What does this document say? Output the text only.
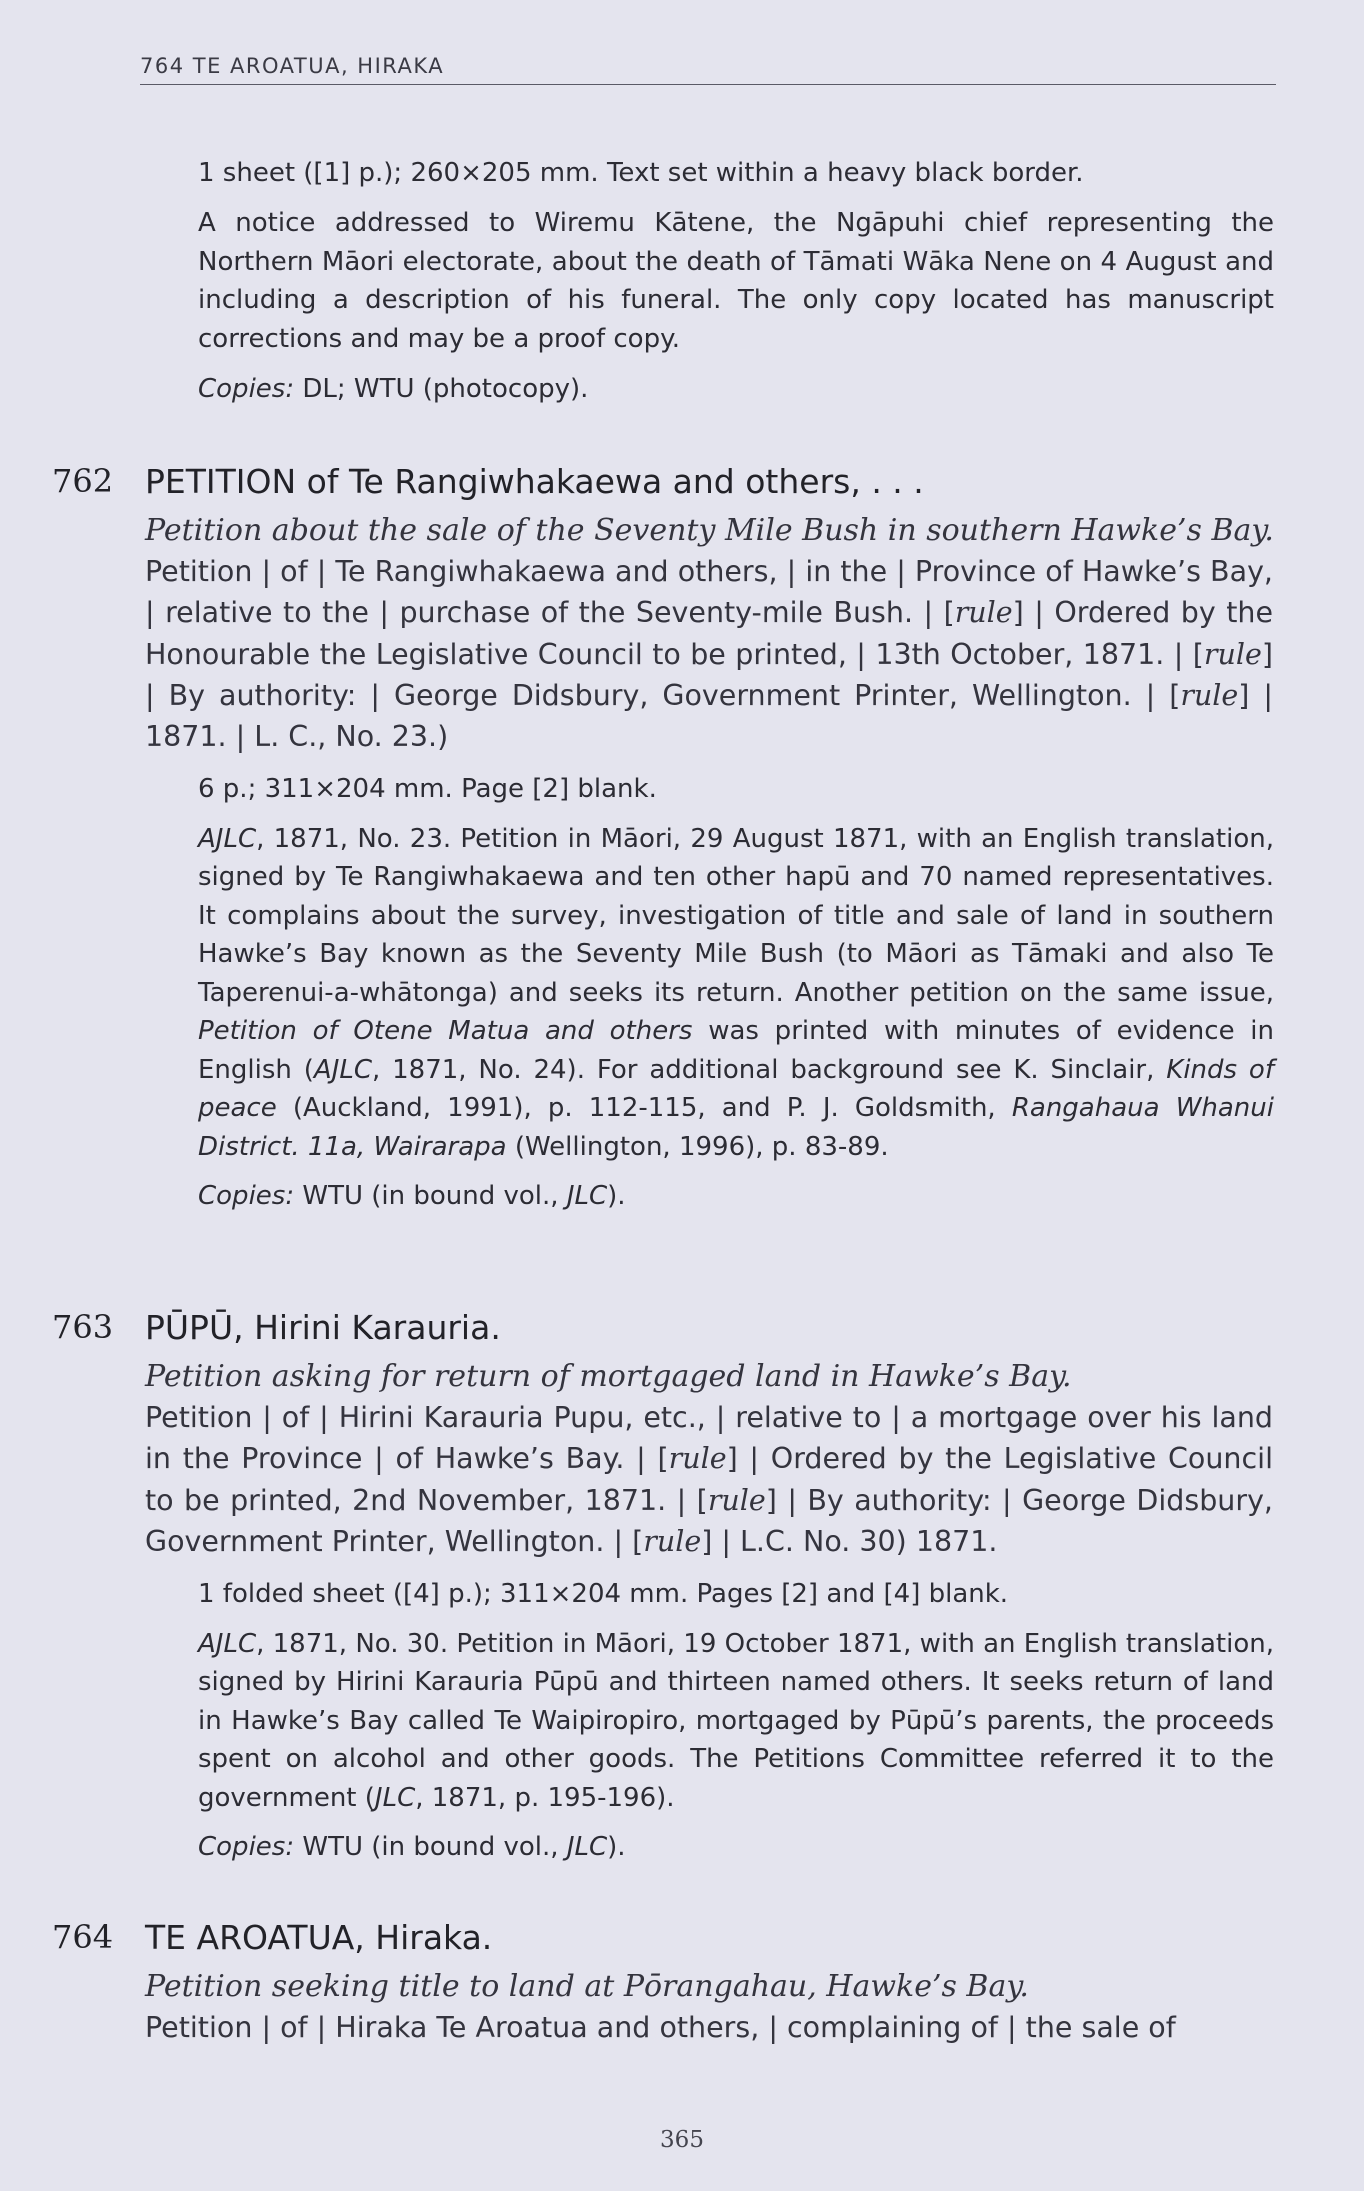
764 TE AROATUA, HIRAKA

1 sheet ([1] p.); 260×205 mm. Text set within a heavy black border.

A notice addressed to Wiremu Kātene, the Ngāpuhi chief representing the Northern Māori electorate, about the death of Tāmati Wāka Nene on 4 August and including a description of his funeral. The only copy located has manuscript corrections and may be a proof copy.

Copies: DL; WTU (photocopy).

762 PETITION of Te Rangiwhakaewa and others, . . .
Petition about the sale of the Seventy Mile Bush in southern Hawke’s Bay.

Petition | of | Te Rangiwhakaewa and others, | in the | Province of Hawke’s Bay, | relative to the | purchase of the Seventy-mile Bush. | [rule] | Ordered by the Honourable the Legislative Council to be printed, | 13th October, 1871. | [rule] | By authority: | George Didsbury, Government Printer, Wellington. | [rule] | 1871. | L. C., No. 23.)

6 p.; 311×204 mm. Page [2] blank.

AJLC, 1871, No. 23. Petition in Māori, 29 August 1871, with an English translation, signed by Te Rangiwhakaewa and ten other hapū and 70 named representatives. It complains about the survey, investigation of title and sale of land in southern Hawke’s Bay known as the Seventy Mile Bush (to Māori as Tāmaki and also Te Taperenui-a-whātonga) and seeks its return. Another petition on the same issue, Petition of Otene Matua and others was printed with minutes of evidence in English (AJLC, 1871, No. 24). For additional background see K. Sinclair, Kinds of peace (Auckland, 1991), p. 112-115, and P. J. Goldsmith, Rangahaua Whanui District. 11a, Wairarapa (Wellington, 1996), p. 83-89.

Copies: WTU (in bound vol., JLC).

763 PŪPŪ, Hirini Karauria.
Petition asking for return of mortgaged land in Hawke’s Bay.

Petition | of | Hirini Karauria Pupu, etc., | relative to | a mortgage over his land in the Province | of Hawke’s Bay. | [rule] | Ordered by the Legislative Council to be printed, 2nd November, 1871. | [rule] | By authority: | George Didsbury, Government Printer, Wellington. | [rule] | L.C. No. 30) 1871.

1 folded sheet ([4] p.); 311×204 mm. Pages [2] and [4] blank.

AJLC, 1871, No. 30. Petition in Māori, 19 October 1871, with an English translation, signed by Hirini Karauria Pūpū and thirteen named others. It seeks return of land in Hawke’s Bay called Te Waipiropiro, mortgaged by Pūpū’s parents, the proceeds spent on alcohol and other goods. The Petitions Committee referred it to the government (JLC, 1871, p. 195-196).

Copies: WTU (in bound vol., JLC).

764 TE AROATUA, Hiraka.
Petition seeking title to land at Pōrangahau, Hawke’s Bay.

Petition | of | Hiraka Te Aroatua and others, | complaining of | the sale of

365
